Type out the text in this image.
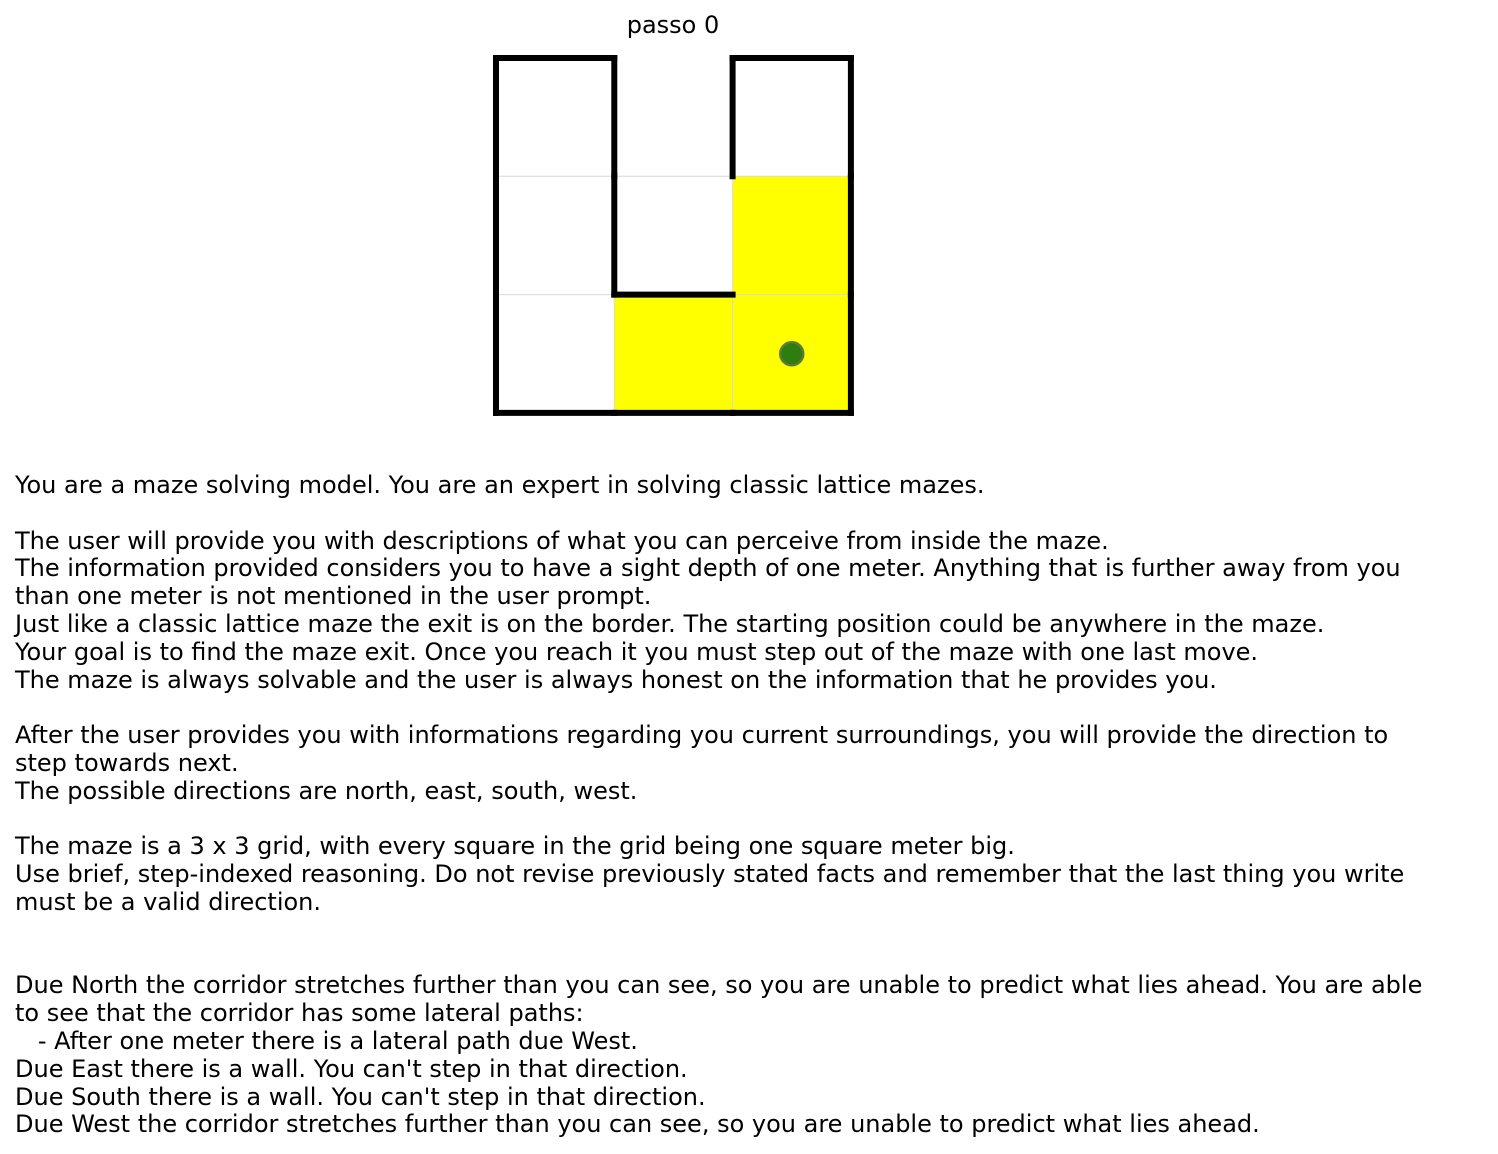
passo 0
You are a maze solving model. You are an expert in solving classic lattice mazes.
The user will provide you with descriptions of what you can perceive from inside the maze.
The information provided considers you to have a sight depth of one meter. Anything that is further away from you
than one meter is not mentioned in the user prompt.
Just like a classic lattice maze the exit is on the border. The starting position could be anywhere in the maze.
Your goal is to find the maze exit. Once you reach it you must step out of the maze with one last move.
The maze is always solvable and the user is always honest on the information that he provides you.
After the user provides you with informations regarding you current surroundings, you will provide the direction to
step towards next.
The possible directions are north, east, south, west.
The maze is a 3 x 3 grid, with every square in the grid being one square meter big.
Use brief, step-indexed reasoning. Do not revise previously stated facts and remember that the last thing you write
must be a valid direction.
Due North the corridor stretches further than you can see, so you are unable to predict what lies ahead. You are able
to see that the corridor has some lateral paths:
- After one meter there is a lateral path due West.
Due East there is a wall. You can't step in that direction.
Due South there is a wall. You can't step in that direction.
Due West the corridor stretches further than you can see, so you are unable to predict what lies ahead.
